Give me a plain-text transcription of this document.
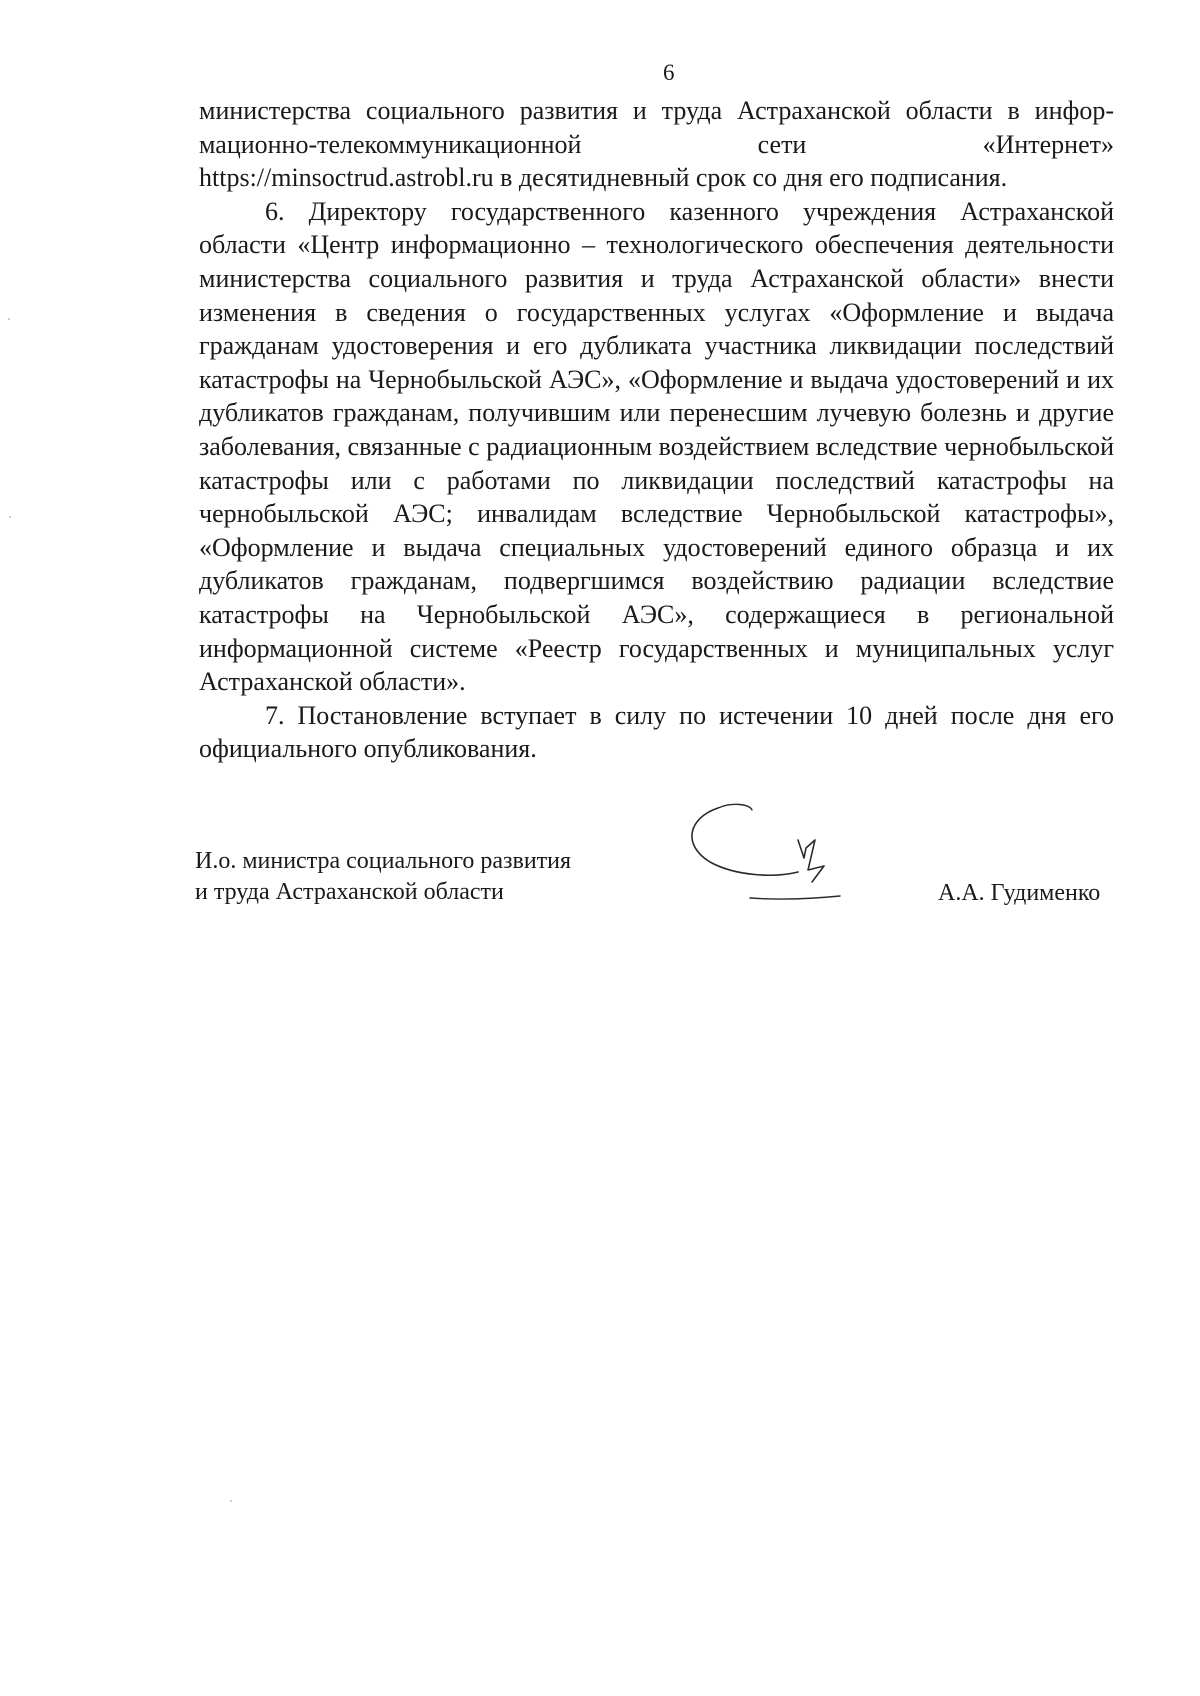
6

министерства социального развития и труда Астраханской области в инфор-

мационно-телекоммуникационной	сети	«Интернет»

https://minsoctrud.astrobl.ru в десятидневный срок со дня его подписания.

6. Директору государственного казенного учреждения Астраханской области «Центр информационно – технологического обеспечения деятельности министерства социального развития и труда Астраханской области» внести изменения в сведения о государственных услугах «Оформление и выдача гражданам удостоверения и его дубликата участника ликвидации последствий катастрофы на Чернобыльской АЭС», «Оформление и выдача удостоверений и их дубликатов гражданам, получившим или перенесшим лучевую болезнь и другие заболевания, связанные с радиационным воздействием вследствие чернобыльской катастрофы или с работами по ликвидации последствий катастрофы на чернобыльской АЭС; инвалидам вследствие Чернобыльской катастрофы», «Оформление и выдача специальных удостоверений единого образца и их дубликатов гражданам, подвергшимся воздействию радиации вследствие катастрофы на Чернобыльской АЭС», содержащиеся в региональной информационной системе «Реестр государственных и муниципальных услуг Астраханской области».

7. Постановление вступает в силу по истечении 10 дней после дня его официального опубликования.

И.о. министра социального развития
и труда Астраханской области	А.А. Гудименко
